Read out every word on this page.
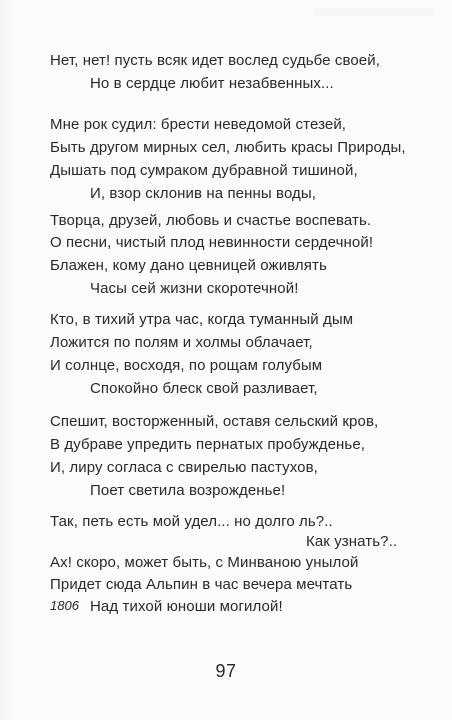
Нет, нет! пусть всяк идет вослед судьбе своей,
Но в сердце любит незабвенных...
Мне рок судил: брести неведомой стезей,
Быть другом мирных сел, любить красы Природы,
Дышать под сумраком дубравной тишиной,
И, взор склонив на пенны воды,
Творца, друзей, любовь и счастье воспевать.
О песни, чистый плод невинности сердечной!
Блажен, кому дано цевницей оживлять
Часы сей жизни скоротечной!
Кто, в тихий утра час, когда туманный дым
Ложится по полям и холмы облачает,
И солнце, восходя, по рощам голубым
Спокойно блеск свой разливает,
Спешит, восторженный, оставя сельский кров,
В дубраве упредить пернатых пробужденье,
И, лиру согласа с свирелью пастухов,
Поет светила возрожденье!
Так, петь есть мой удел... но долго ль?..
Как узнать?..
Ах! скоро, может быть, с Минваною унылой
Придет сюда Альпин в час вечера мечтать
Над тихой юноши могилой!
1806
97
